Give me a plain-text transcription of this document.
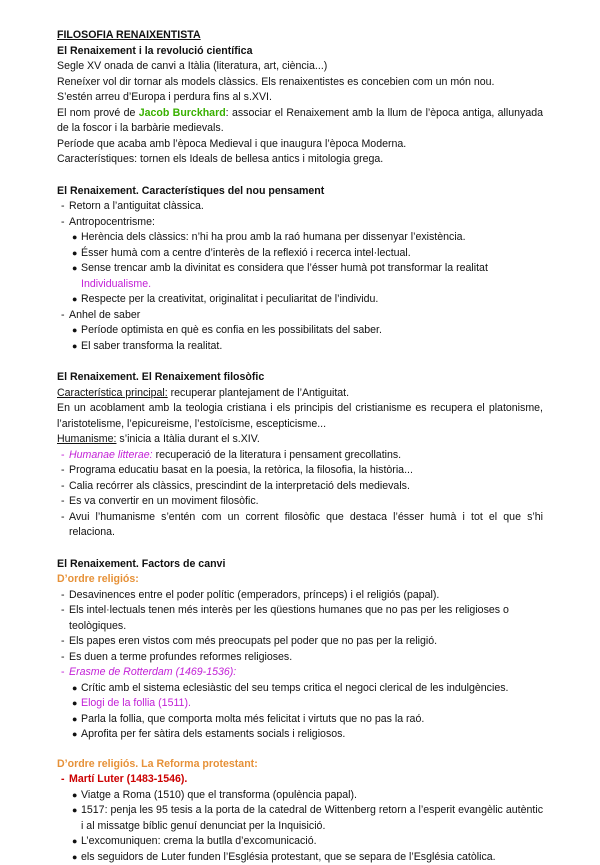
FILOSOFIA RENAIXENTISTA

El Renaixement i la revolució científica

Segle XV onada de canvi a Itàlia (literatura, art, ciència...)

Reneíxer vol dir tornar als models clàssics. Els renaixentistes es concebien com un món nou.

S’estén arreu d’Europa i perdura fins al s.XVI.

El nom prové de Jacob Burckhard: associar el Renaixement amb la llum de l’època antiga, allunyada de la foscor i la barbàrie medievals.

Període que acaba amb l’època Medieval i que inaugura l’època Moderna.

Característiques: tornen els Ideals de bellesa antics i mitologia grega.

El Renaixement. Característiques del nou pensament

- Retorn a l’antiguitat clàssica.

- Antropocentrisme:

● Herència dels clàssics: n’hi ha prou amb la raó humana per dissenyar l’existència.

● Ésser humà com a centre d’interès de la reflexió i recerca intel·lectual.

● Sense trencar amb la divinitat es considera que l’ésser humà pot transformar la realitat
Individualisme.

● Respecte per la creativitat, originalitat i peculiaritat de l’individu.

- Anhel de saber

● Període optimista en què es confia en les possibilitats del saber.

● El saber transforma la realitat.

El Renaixement. El Renaixement filosòfic

Característica principal: recuperar plantejament de l’Antiguitat.

En un acoblament amb la teologia cristiana i els principis del cristianisme es recupera el platonisme, l’aristotelisme, l’epicureisme, l’estoïcisme, escepticisme...

Humanisme: s’inicia a Itàlia durant el s.XIV.

- Humanae litterae: recuperació de la literatura i pensament grecollatins.

- Programa educatiu basat en la poesia, la retòrica, la filosofia, la història...

- Calia recórrer als clàssics, prescindint de la interpretació dels medievals.

- Es va convertir en un moviment filosòfic.

- Avui l’humanisme s’entén com un corrent filosòfic que destaca l’ésser humà i tot el que s’hi relaciona.

El Renaixement. Factors de canvi

D’ordre religiós:

- Desavinences entre el poder polític (emperadors, prínceps) i el religiós (papal).

- Els intel·lectuals tenen més interès per les qüestions humanes que no pas per les religioses o teològiques.

- Els papes eren vistos com més preocupats pel poder que no pas per la religió.

- Es duen a terme profundes reformes religioses.

- Erasme de Rotterdam (1469-1536):

● Crític amb el sistema eclesiàstic del seu temps critica el negoci clerical de les indulgències.

● Elogi de la follia (1511).

● Parla la follia, que comporta molta més felicitat i virtuts que no pas la raó.

● Aprofita per fer sàtira dels estaments socials i religiosos.

D’ordre religiós. La Reforma protestant:

- Martí Luter (1483-1546).

● Viatge a Roma (1510) que el transforma (opulència papal).

● 1517: penja les 95 tesis a la porta de la catedral de Wittenberg retorn a l’esperit evangèlic autèntic i al missatge bíblic genuí denunciat per la Inquisició.

● L’excomuniquen: crema la butlla d’excomunicació.

● els seguidors de Luter funden l’Església protestant, que se separa de l’Església catòlica.
